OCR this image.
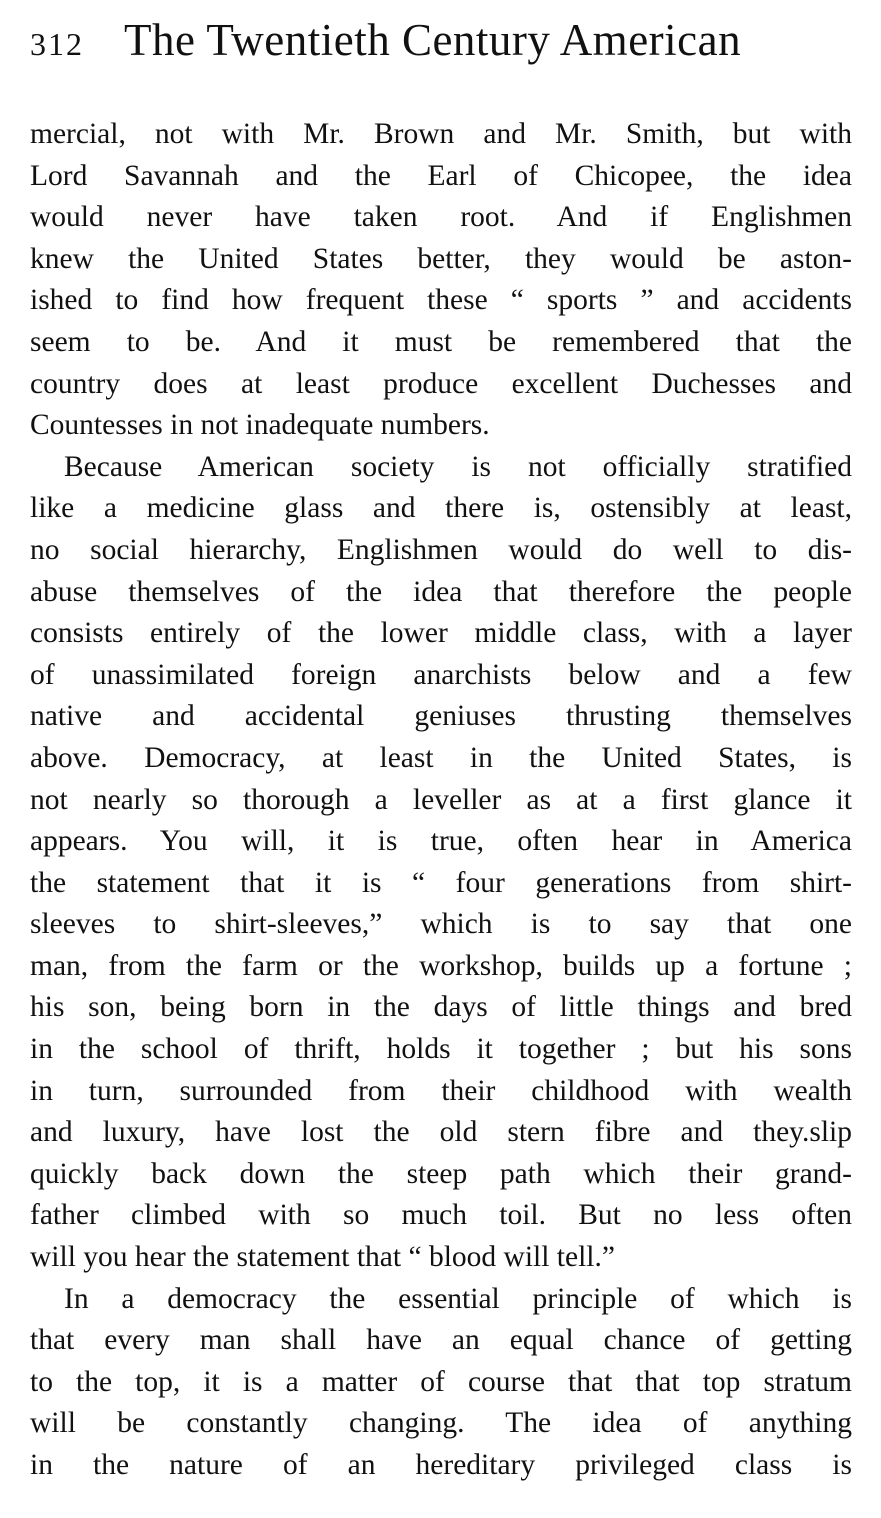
312 The Twentieth Century American
mercial, not with Mr. Brown and Mr. Smith, but with
Lord Savannah and the Earl of Chicopee, the idea
would never have taken root. And if Englishmen
knew the United States better, they would be aston-
ished to find how frequent these “ sports ” and accidents
seem to be. And it must be remembered that the
country does at least produce excellent Duchesses and
Countesses in not inadequate numbers.
Because American society is not officially stratified
like a medicine glass and there is, ostensibly at least,
no social hierarchy, Englishmen would do well to dis-
abuse themselves of the idea that therefore the people
consists entirely of the lower middle class, with a layer
of unassimilated foreign anarchists below and a few
native and accidental geniuses thrusting themselves
above. Democracy, at least in the United States, is
not nearly so thorough a leveller as at a first glance it
appears. You will, it is true, often hear in America
the statement that it is “ four generations from shirt-
sleeves to shirt-sleeves,” which is to say that one
man, from the farm or the workshop, builds up a fortune ;
his son, being born in the days of little things and bred
in the school of thrift, holds it together ; but his sons
in turn, surrounded from their childhood with wealth
and luxury, have lost the old stern fibre and they.slip
quickly back down the steep path which their grand-
father climbed with so much toil. But no less often
will you hear the statement that “ blood will tell.”
In a democracy the essential principle of which is
that every man shall have an equal chance of getting
to the top, it is a matter of course that that top stratum
will be constantly changing. The idea of anything
in the nature of an hereditary privileged class is
